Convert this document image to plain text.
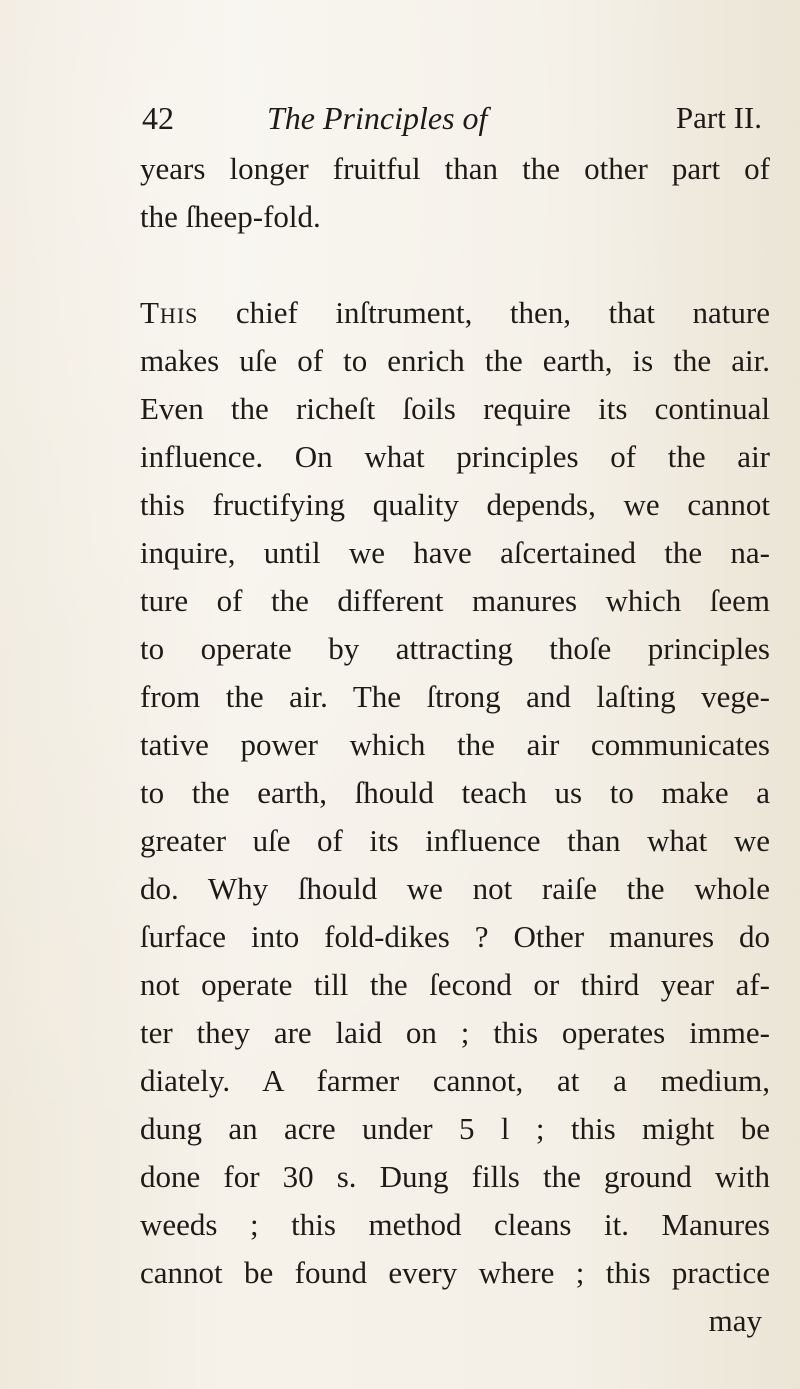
42	The Principles of	Part II.
years longer fruitful than the other part of
the ſheep-fold.
This chief inſtrument, then, that nature
makes uſe of to enrich the earth, is the air.
Even the richeſt ſoils require its continual
influence. On what principles of the air
this fructifying quality depends, we cannot
inquire, until we have aſcertained the na-
ture of the different manures which ſeem
to operate by attracting thoſe principles
from the air. The ſtrong and laſting vege-
tative power which the air communicates
to the earth, ſhould teach us to make a
greater uſe of its influence than what we
do. Why ſhould we not raiſe the whole
ſurface into fold-dikes ? Other manures do
not operate till the ſecond or third year af-
ter they are laid on ; this operates imme-
diately. A farmer cannot, at a medium,
dung an acre under 5 l ; this might be
done for 30 s. Dung fills the ground with
weeds ; this method cleans it. Manures
cannot be found every where ; this practice
may
